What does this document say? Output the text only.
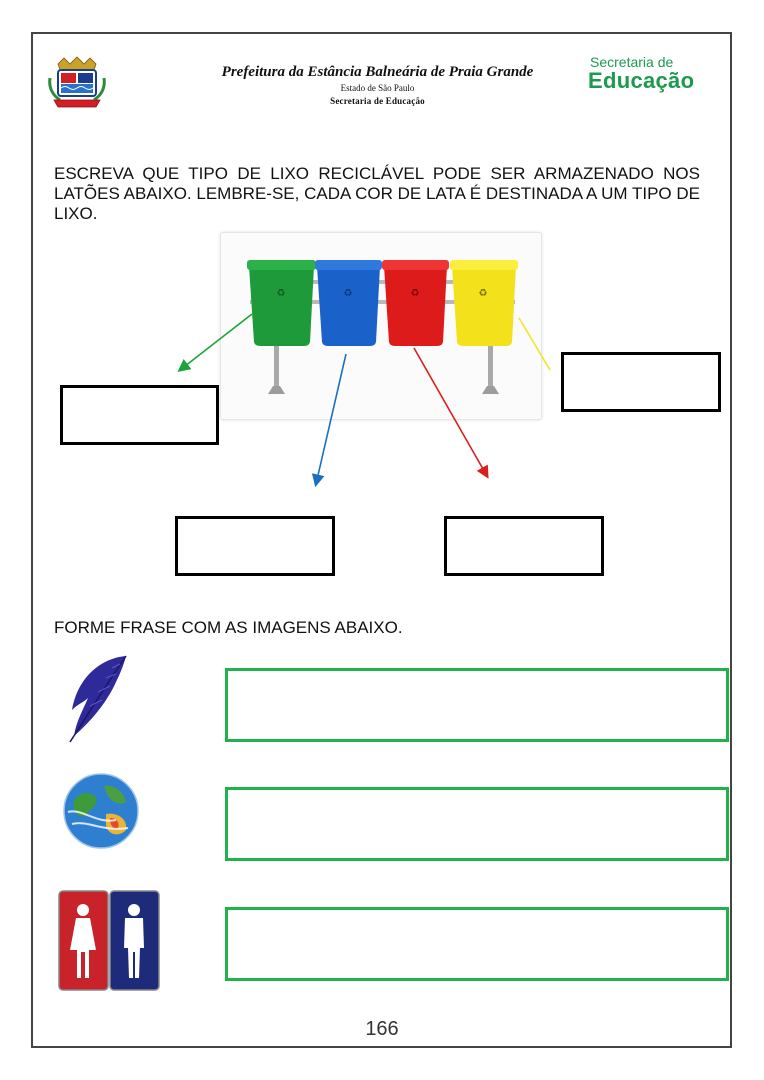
Prefeitura da Estância Balneária de Praia Grande
Estado de São Paulo
Secretaria de Educação
Secretaria de
Educação
ESCREVA QUE TIPO DE LIXO RECICLÁVEL PODE SER ARMAZENADO NOS LATÕES ABAIXO. LEMBRE-SE, CADA COR DE LATA É DESTINADA A UM TIPO DE LIXO.
♻	♻	♻	♻
FORME FRASE COM AS IMAGENS ABAIXO.
166
